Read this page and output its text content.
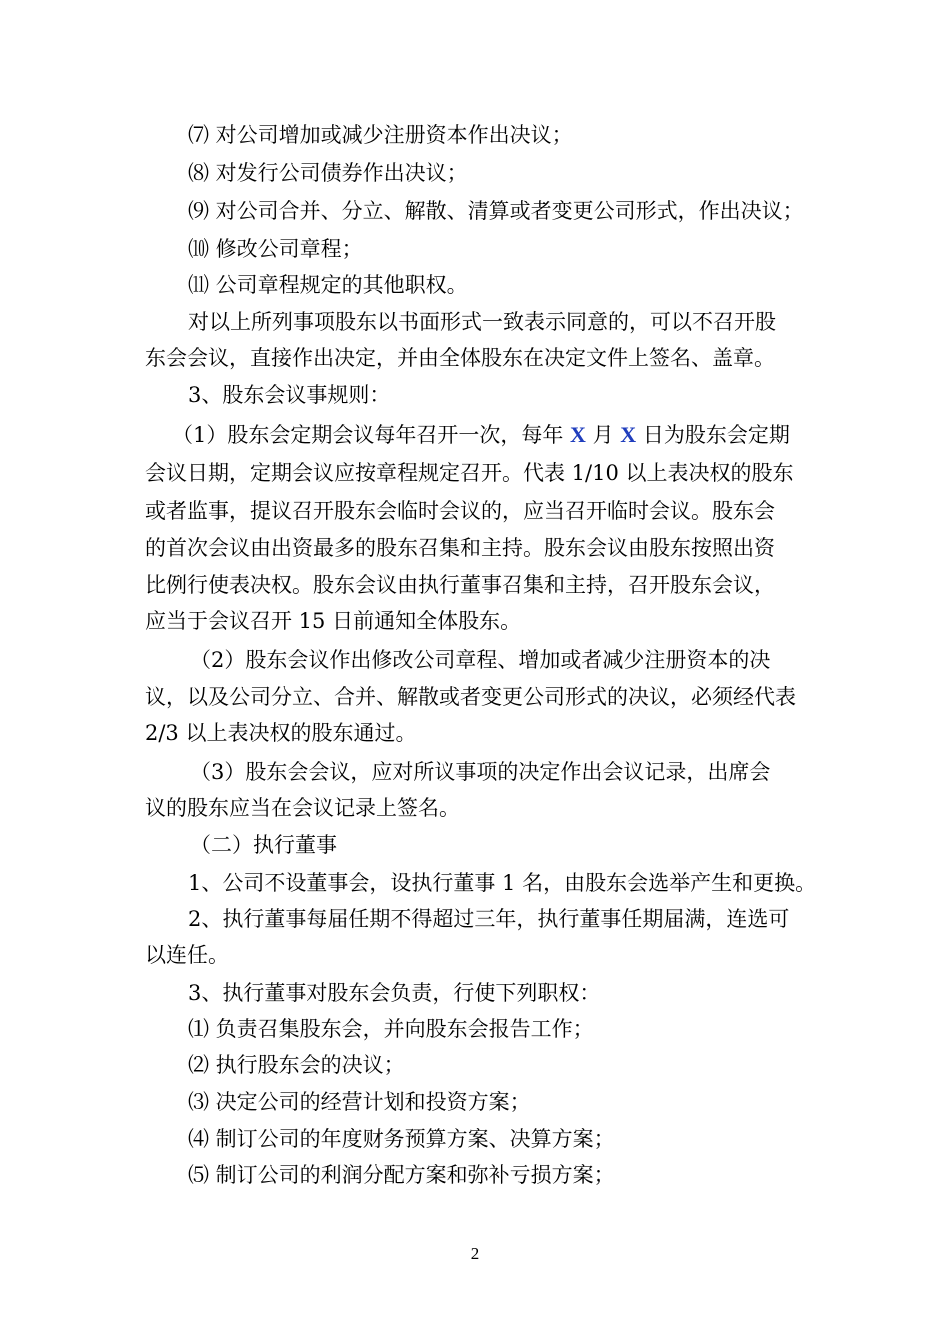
⑺ 对公司增加或减少注册资本作出决议；
⑻ 对发行公司债券作出决议；
⑼ 对公司合并、分立、解散、清算或者变更公司形式，作出决议；
⑽ 修改公司章程；
⑾ 公司章程规定的其他职权。
对以上所列事项股东以书面形式一致表示同意的，可以不召开股
东会会议，直接作出决定，并由全体股东在决定文件上签名、盖章。
3、股东会议事规则：
（1）股东会定期会议每年召开一次，每年 X 月 X 日为股东会定期
会议日期，定期会议应按章程规定召开。代表 1/10 以上表决权的股东
或者监事，提议召开股东会临时会议的，应当召开临时会议。股东会
的首次会议由出资最多的股东召集和主持。股东会议由股东按照出资
比例行使表决权。股东会议由执行董事召集和主持，召开股东会议，
应当于会议召开 15 日前通知全体股东。
（2）股东会议作出修改公司章程、增加或者减少注册资本的决
议，以及公司分立、合并、解散或者变更公司形式的决议，必须经代表
2/3 以上表决权的股东通过。
（3）股东会会议，应对所议事项的决定作出会议记录，出席会
议的股东应当在会议记录上签名。
（二）执行董事
1、公司不设董事会，设执行董事 1 名，由股东会选举产生和更换。
2、执行董事每届任期不得超过三年，执行董事任期届满，连选可
以连任。
3、执行董事对股东会负责，行使下列职权：
⑴ 负责召集股东会，并向股东会报告工作；
⑵ 执行股东会的决议；
⑶ 决定公司的经营计划和投资方案；
⑷ 制订公司的年度财务预算方案、决算方案；
⑸ 制订公司的利润分配方案和弥补亏损方案；
2
